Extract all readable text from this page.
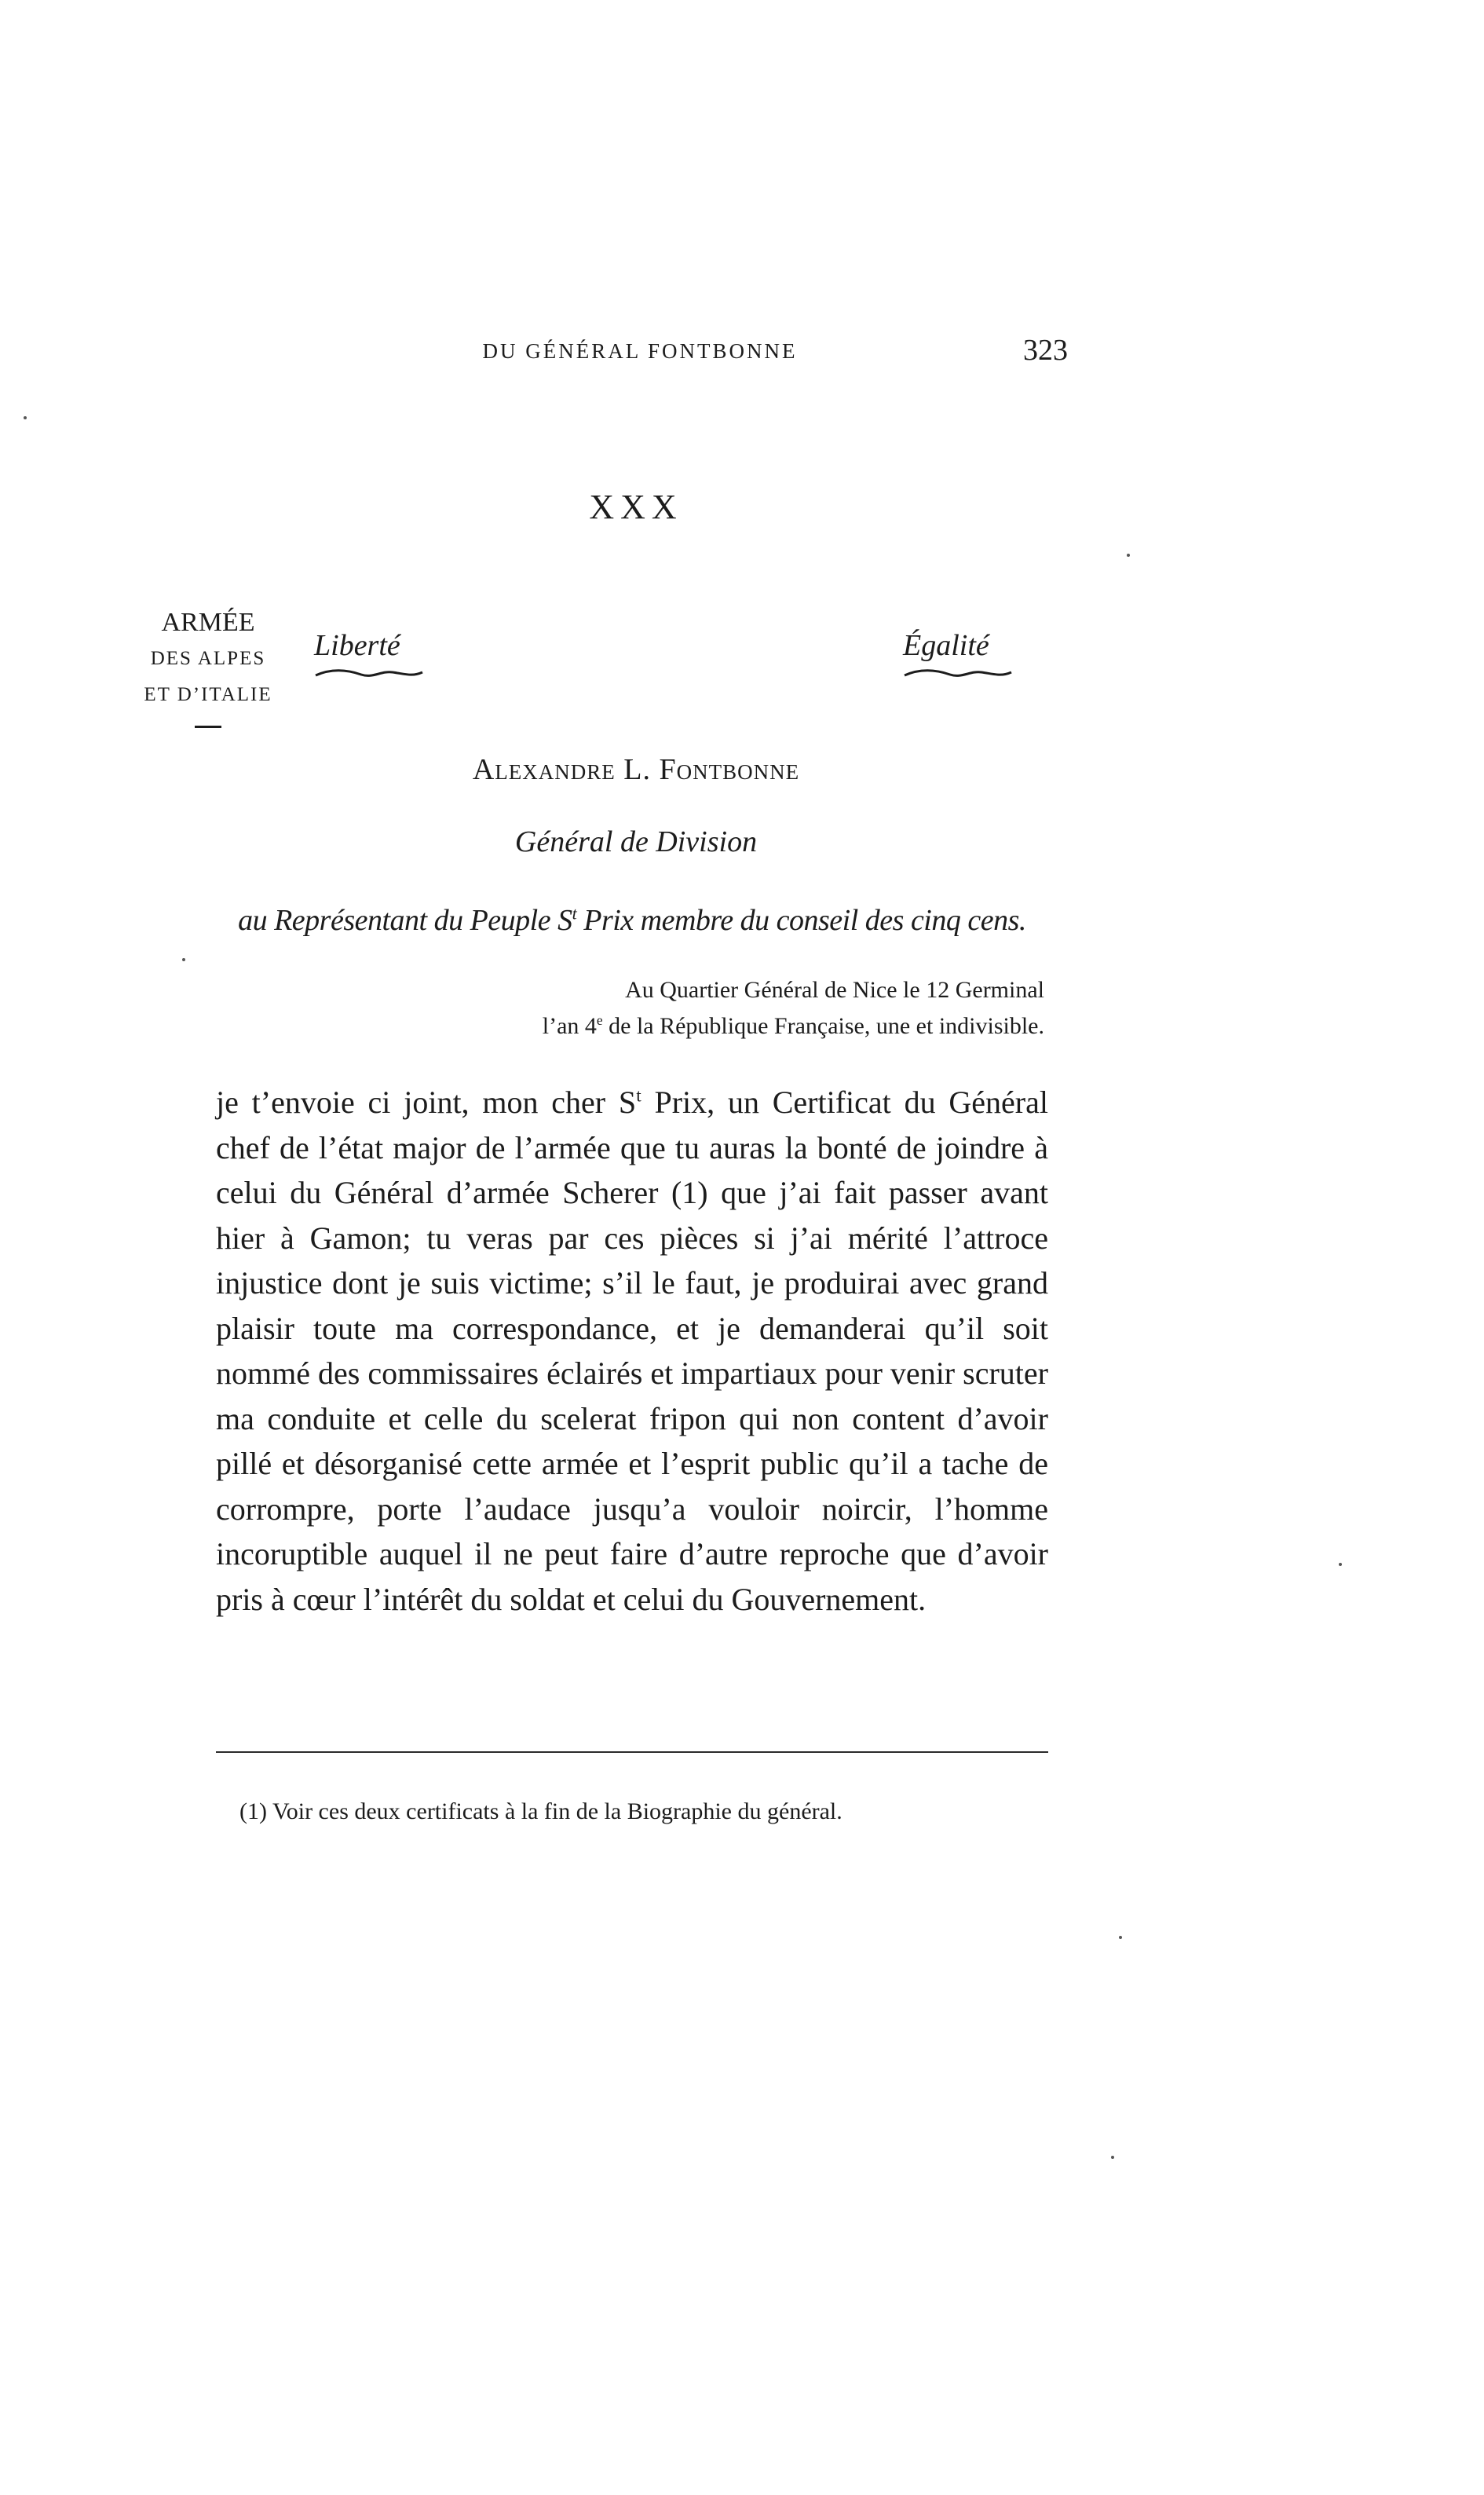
DU GÉNÉRAL FONTBONNE	323
XXX
ARMÉE
DES ALPES
ET D’ITALIE
Liberté	Égalité
Alexandre L. Fontbonne
Général de Division
au Représentant du Peuple $S^t$ Prix membre du conseil des cinq cens.
Au Quartier Général de Nice le 12 Germinal
l’an 4e de la République Française, une et indivisible.

je t’envoie ci joint, mon cher $S^t$ Prix, un Certificat du Général chef de l’état major de l’armée que tu auras la bonté de joindre à celui du Général d’armée Scherer (1) que j’ai fait passer avant hier à Gamon; tu veras par ces pièces si j’ai mérité l’attroce injustice dont je suis victime; s’il le faut, je produirai avec grand plaisir toute ma correspondance, et je demanderai qu’il soit nommé des commissaires éclairés et impartiaux pour venir scruter ma conduite et celle du scelerat fripon qui non content d’avoir pillé et désorganisé cette armée et l’esprit public qu’il a tache de corrompre, porte l’audace jusqu’a vouloir noircir, l’homme incoruptible auquel il ne peut faire d’autre reproche que d’avoir pris à cœur l’intérêt du soldat et celui du Gouvernement.

(1) Voir ces deux certificats à la fin de la Biographie du général.
